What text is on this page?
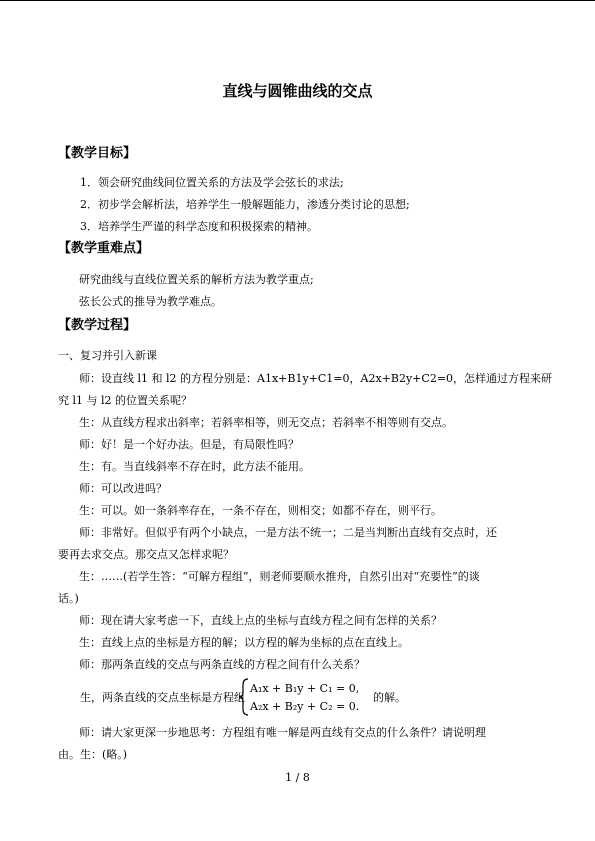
直线与圆锥曲线的交点
【教学目标】
1．领会研究曲线间位置关系的方法及学会弦长的求法;
2．初步学会解析法，培养学生一般解题能力，渗透分类讨论的思想;
3．培养学生严谨的科学态度和积极探索的精神。
【教学重难点】
研究曲线与直线位置关系的解析方法为教学重点;
弦长公式的推导为教学难点。
【教学过程】
一、复习并引入新课
师：设直线 l1 和 l2 的方程分别是：A1x+B1y+C1=0，A2x+B2y+C2=0，怎样通过方程来研
究 l1 与 l2 的位置关系呢？
生：从直线方程求出斜率；若斜率相等，则无交点；若斜率不相等则有交点。
师：好！是一个好办法。但是，有局限性吗？
生：有。当直线斜率不存在时，此方法不能用。
师：可以改进吗？
生：可以。如一条斜率存在，一条不存在，则相交；如都不存在，则平行。
师：非常好。但似乎有两个小缺点，一是方法不统一；二是当判断出直线有交点时，还
要再去求交点。那交点又怎样求呢？
生：……(若学生答：“可解方程组”，则老师要顺水推舟，自然引出对“充要性”的谈
话。)
师：现在请大家考虑一下，直线上点的坐标与直线方程之间有怎样的关系？
生：直线上点的坐标是方程的解；以方程的解为坐标的点在直线上。
师：那两条直线的交点与两条直线的方程之间有什么关系？
生，两条直线的交点坐标是方程组
A₁x + B₁y + C₁ = 0,
A₂x + B₂y + C₂ = 0.
的解。
师：请大家更深一步地思考：方程组有唯一解是两直线有交点的什么条件？请说明理
由。生：(略。)
1 / 8
